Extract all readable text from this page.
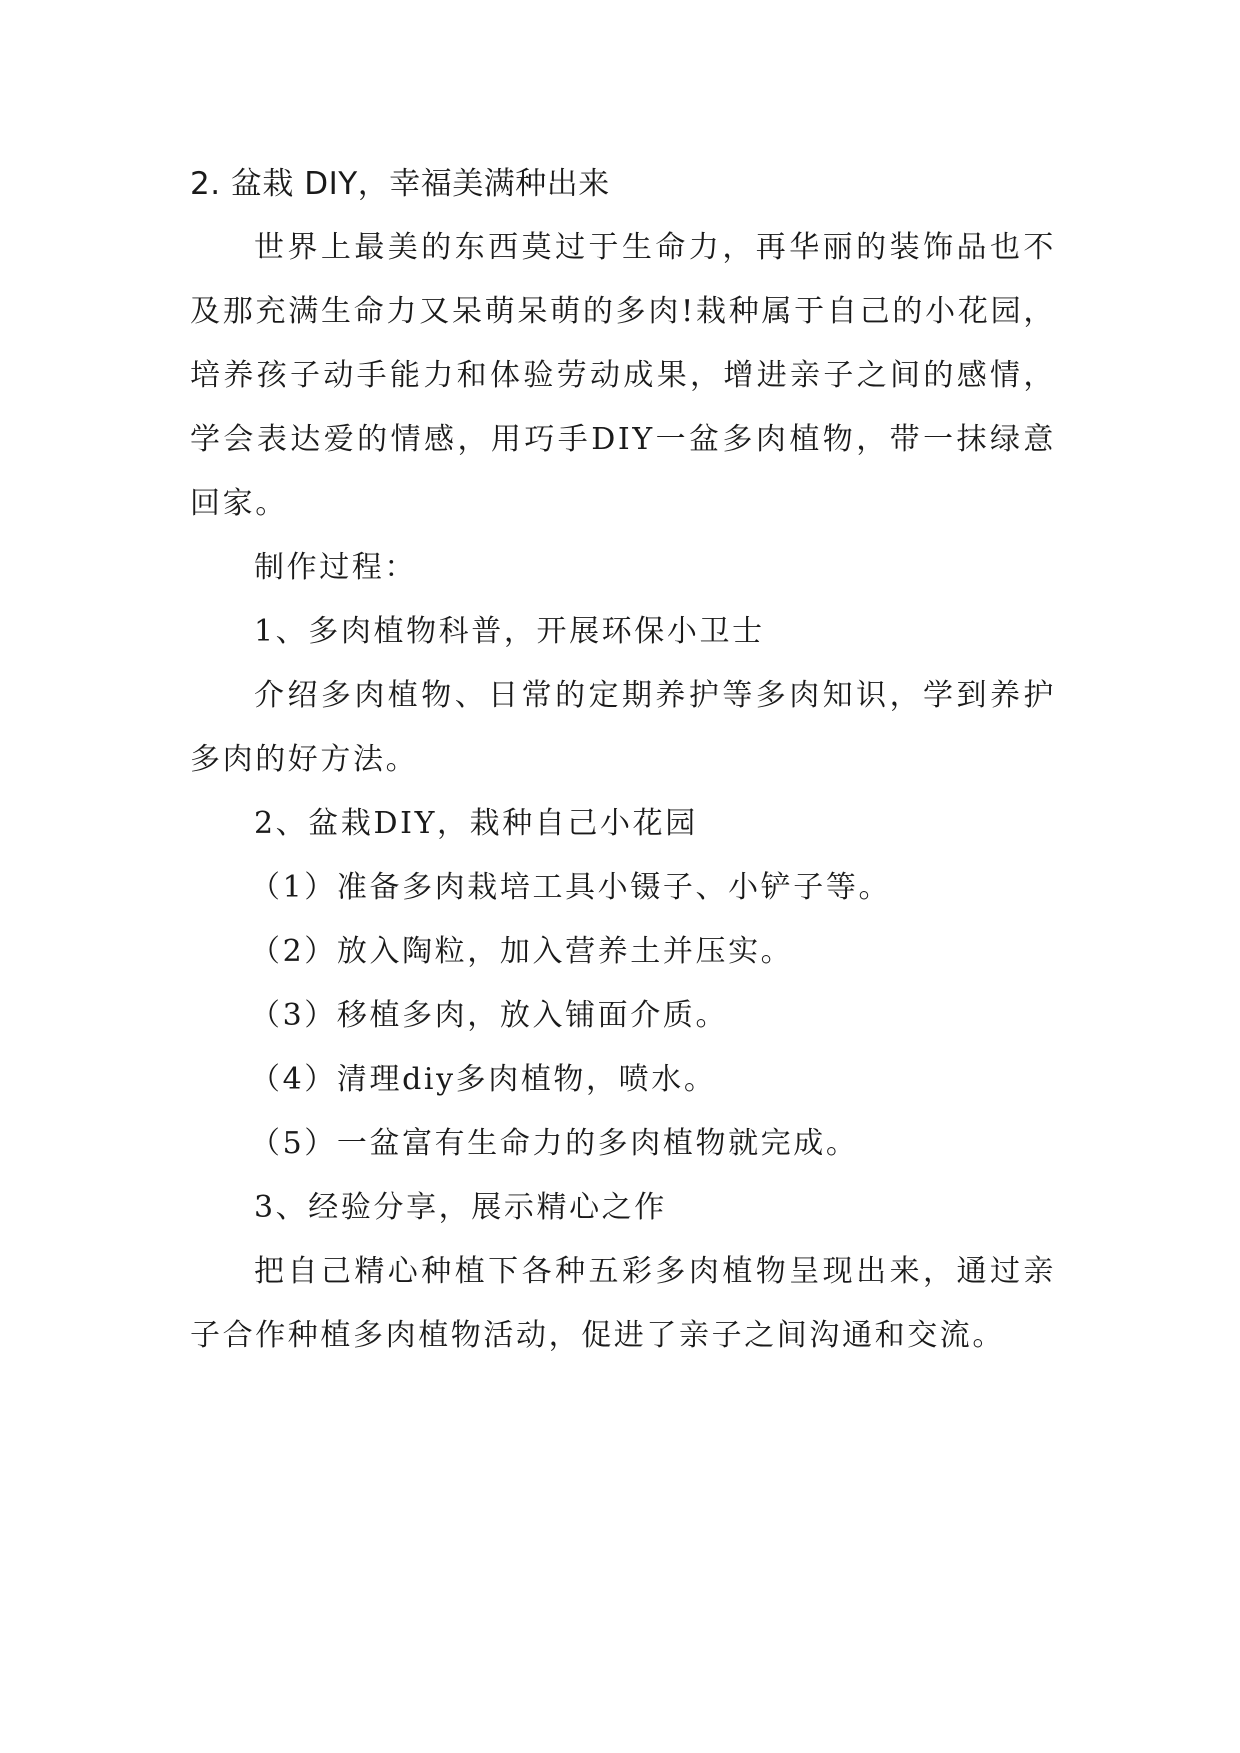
2. 盆栽 DIY，幸福美满种出来

世界上最美的东西莫过于生命力，再华丽的装饰品也不及那充满生命力又呆萌呆萌的多肉!栽种属于自己的小花园，培养孩子动手能力和体验劳动成果，增进亲子之间的感情，学会表达爱的情感，用巧手DIY一盆多肉植物，带一抹绿意回家。

制作过程：

1、多肉植物科普，开展环保小卫士

介绍多肉植物、日常的定期养护等多肉知识，学到养护多肉的好方法。

2、盆栽DIY，栽种自己小花园

（1）准备多肉栽培工具小镊子、小铲子等。

（2）放入陶粒，加入营养土并压实。

（3）移植多肉，放入铺面介质。

（4）清理diy多肉植物，喷水。

（5）一盆富有生命力的多肉植物就完成。

3、经验分享，展示精心之作

把自己精心种植下各种五彩多肉植物呈现出来，通过亲子合作种植多肉植物活动，促进了亲子之间沟通和交流。
